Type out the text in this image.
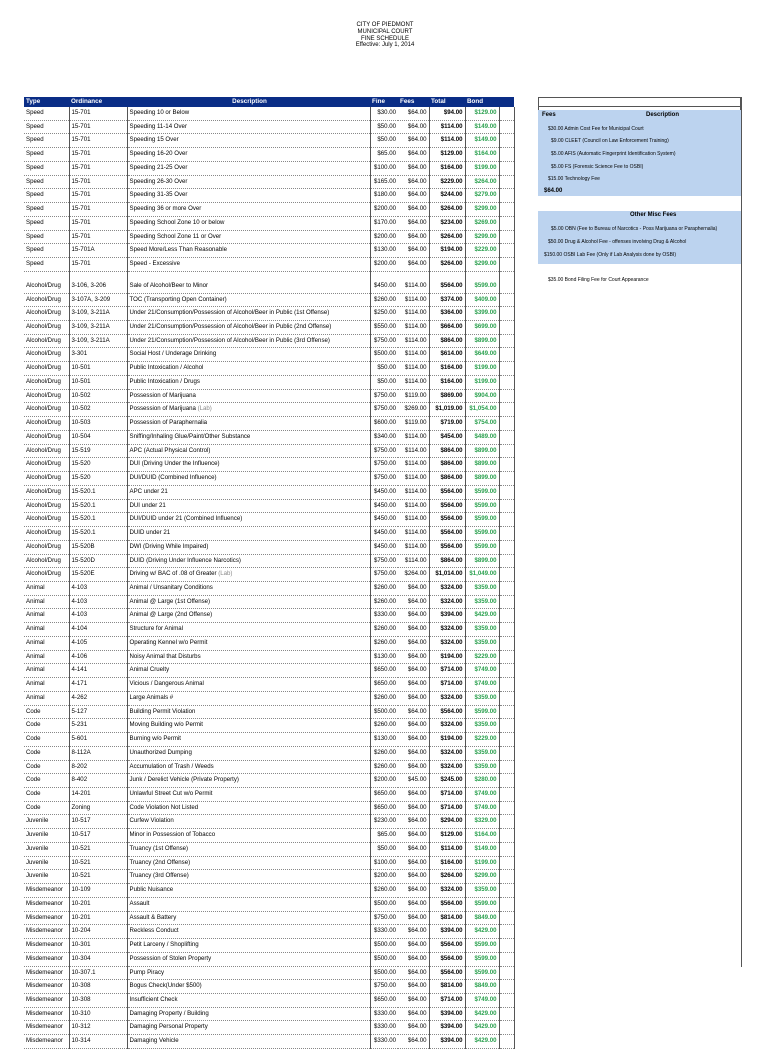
CITY OF PIEDMONT
MUNICIPAL COURT
FINE SCHEDULE
Effective: July 1, 2014
Type	Ordinance	Description	Fine	Fees	Total	Bond	
Speed	15-701	Speeding 10 or Below	$30.00	$64.00	$94.00	$129.00	
Speed	15-701	Speeding 11-14 Over	$50.00	$64.00	$114.00	$149.00	
Speed	15-701	Speeding 15 Over	$50.00	$64.00	$114.00	$149.00	
Speed	15-701	Speeding 16-20 Over	$65.00	$64.00	$129.00	$164.00	
Speed	15-701	Speeding 21-25 Over	$100.00	$64.00	$164.00	$199.00	
Speed	15-701	Speeding 26-30 Over	$165.00	$64.00	$229.00	$264.00	
Speed	15-701	Speeding 31-35 Over	$180.00	$64.00	$244.00	$279.00	
Speed	15-701	Speeding 36 or more Over	$200.00	$64.00	$264.00	$299.00	
Speed	15-701	Speeding School Zone 10 or below	$170.00	$64.00	$234.00	$269.00	
Speed	15-701	Speeding School Zone 11 or Over	$200.00	$64.00	$264.00	$299.00	
Speed	15-701A	Speed More/Less Than Reasonable	$130.00	$64.00	$194.00	$229.00	
Speed	15-701	Speed - Excessive	$200.00	$64.00	$264.00	$299.00	

Alcohol/Drug	3-106, 3-206	Sale of Alcohol/Beer to Minor	$450.00	$114.00	$564.00	$599.00	
Alcohol/Drug	3-107A, 3-209	TOC (Transporting Open Container)	$260.00	$114.00	$374.00	$409.00	
Alcohol/Drug	3-109, 3-211A	Under 21/Consumption/Possession of Alcohol/Beer in Public (1st Offense)	$250.00	$114.00	$364.00	$399.00	
Alcohol/Drug	3-109, 3-211A	Under 21/Consumption/Possession of Alcohol/Beer in Public (2nd Offense)	$550.00	$114.00	$664.00	$699.00	
Alcohol/Drug	3-109, 3-211A	Under 21/Consumption/Possession of Alcohol/Beer in Public (3rd Offense)	$750.00	$114.00	$864.00	$899.00	
Alcohol/Drug	3-301	Social Host / Underage Drinking	$500.00	$114.00	$614.00	$649.00	
Alcohol/Drug	10-501	Public Intoxication / Alcohol	$50.00	$114.00	$164.00	$199.00	
Alcohol/Drug	10-501	Public Intoxication / Drugs	$50.00	$114.00	$164.00	$199.00	
Alcohol/Drug	10-502	Possession of Marijuana	$750.00	$119.00	$869.00	$904.00	
Alcohol/Drug	10-502	Possession of Marijuana (Lab)	$750.00	$269.00	$1,019.00	$1,054.00	
Alcohol/Drug	10-503	Possession of Paraphernalia	$600.00	$119.00	$719.00	$754.00	
Alcohol/Drug	10-504	Sniffing/Inhaling Glue/Paint/Other Substance	$340.00	$114.00	$454.00	$489.00	
Alcohol/Drug	15-519	APC (Actual Physical Control)	$750.00	$114.00	$864.00	$899.00	
Alcohol/Drug	15-520	DUI (Driving Under the Influence)	$750.00	$114.00	$864.00	$899.00	
Alcohol/Drug	15-520	DUI/DUID (Combined Influence)	$750.00	$114.00	$864.00	$899.00	
Alcohol/Drug	15-520.1	APC under 21	$450.00	$114.00	$564.00	$599.00	
Alcohol/Drug	15-520.1	DUI under 21	$450.00	$114.00	$564.00	$599.00	
Alcohol/Drug	15-520.1	DUI/DUID under 21 (Combined Influence)	$450.00	$114.00	$564.00	$599.00	
Alcohol/Drug	15-520.1	DUID under 21	$450.00	$114.00	$564.00	$599.00	
Alcohol/Drug	15-520B	DWI (Driving While Impaired)	$450.00	$114.00	$564.00	$599.00	
Alcohol/Drug	15-520D	DUID (Driving Under Influence Narcotics)	$750.00	$114.00	$864.00	$899.00	
Alcohol/Drug	15-520E	Driving w/ BAC of .08 of Greater (Lab)	$750.00	$264.00	$1,014.00	$1,049.00	
Animal	4-103	Animal / Unsanitary Conditions	$260.00	$64.00	$324.00	$359.00	
Animal	4-103	Animal @ Large (1st Offense)	$260.00	$64.00	$324.00	$359.00	
Animal	4-103	Animal @ Large (2nd Offense)	$330.00	$64.00	$394.00	$429.00	
Animal	4-104	Structure for Animal	$260.00	$64.00	$324.00	$359.00	
Animal	4-105	Operating Kennel w/o Permit	$260.00	$64.00	$324.00	$359.00	
Animal	4-106	Noisy Animal that Disturbs	$130.00	$64.00	$194.00	$229.00	
Animal	4-141	Animal Cruelty	$650.00	$64.00	$714.00	$749.00	
Animal	4-171	Vicious / Dangerous Animal	$650.00	$64.00	$714.00	$749.00	
Animal	4-262	Large Animals #	$260.00	$64.00	$324.00	$359.00	
Code	5-127	Building Permit Violation	$500.00	$64.00	$564.00	$599.00	
Code	5-231	Moving Building w/o Permit	$260.00	$64.00	$324.00	$359.00	
Code	5-601	Burning w/o Permit	$130.00	$64.00	$194.00	$229.00	
Code	8-112A	Unauthorized Dumping	$260.00	$64.00	$324.00	$359.00	
Code	8-202	Accumulation of Trash / Weeds	$260.00	$64.00	$324.00	$359.00	
Code	8-402	Junk / Derelict Vehicle (Private Property)	$200.00	$45.00	$245.00	$280.00	
Code	14-201	Unlawful Street Cut w/o Permit	$650.00	$64.00	$714.00	$749.00	
Code	Zoning	Code Violation Not Listed	$650.00	$64.00	$714.00	$749.00	
Juvenile	10-517	Curfew Violation	$230.00	$64.00	$294.00	$329.00	
Juvenile	10-517	Minor in Possession of Tobacco	$65.00	$64.00	$129.00	$164.00	
Juvenile	10-521	Truancy (1st Offense)	$50.00	$64.00	$114.00	$149.00	
Juvenile	10-521	Truancy (2nd Offense)	$100.00	$64.00	$164.00	$199.00	
Juvenile	10-521	Truancy (3rd Offense)	$200.00	$64.00	$264.00	$299.00	
Misdemeanor	10-109	Public Nuisance	$260.00	$64.00	$324.00	$359.00	
Misdemeanor	10-201	Assault	$500.00	$64.00	$564.00	$599.00	
Misdemeanor	10-201	Assault & Battery	$750.00	$64.00	$814.00	$849.00	
Misdemeanor	10-204	Reckless Conduct	$330.00	$64.00	$394.00	$429.00	
Misdemeanor	10-301	Petit Larceny / Shoplifting	$500.00	$64.00	$564.00	$599.00	
Misdemeanor	10-304	Possession of Stolen Property	$500.00	$64.00	$564.00	$599.00	
Misdemeanor	10-307.1	Pump Piracy	$500.00	$64.00	$564.00	$599.00	
Misdemeanor	10-308	Bogus Check(Under $500)	$750.00	$64.00	$814.00	$849.00	
Misdemeanor	10-308	Insufficient Check	$650.00	$64.00	$714.00	$749.00	
Misdemeanor	10-310	Damaging Property / Building	$330.00	$64.00	$394.00	$429.00	
Misdemeanor	10-312	Damaging Personal Property	$330.00	$64.00	$394.00	$429.00	
Misdemeanor	10-314	Damaging Vehicle	$330.00	$64.00	$394.00	$429.00	
Fees	Description
$30.00 Admin Cost Fee for Municipal Court
$9.00 CLEET (Council on Law Enforcement Training)
$5.00 AFIS (Automatic Fingerprint Identification System)
$5.00 FS (Forensic Science Fee to OSBI)
$15.00 Technology Fee
$64.00
Other Misc Fees
$5.00 OBN (Fee to Bureau of Narcotics - Poss Marijuana or Paraphernalia)
$50.00 Drug & Alcohol Fee - offenses involving Drug & Alcohol
$150.00 OSBI Lab Fee (Only if Lab Analysis done by OSBI)
$35.00 Bond Filing Fee for Court Appearance
